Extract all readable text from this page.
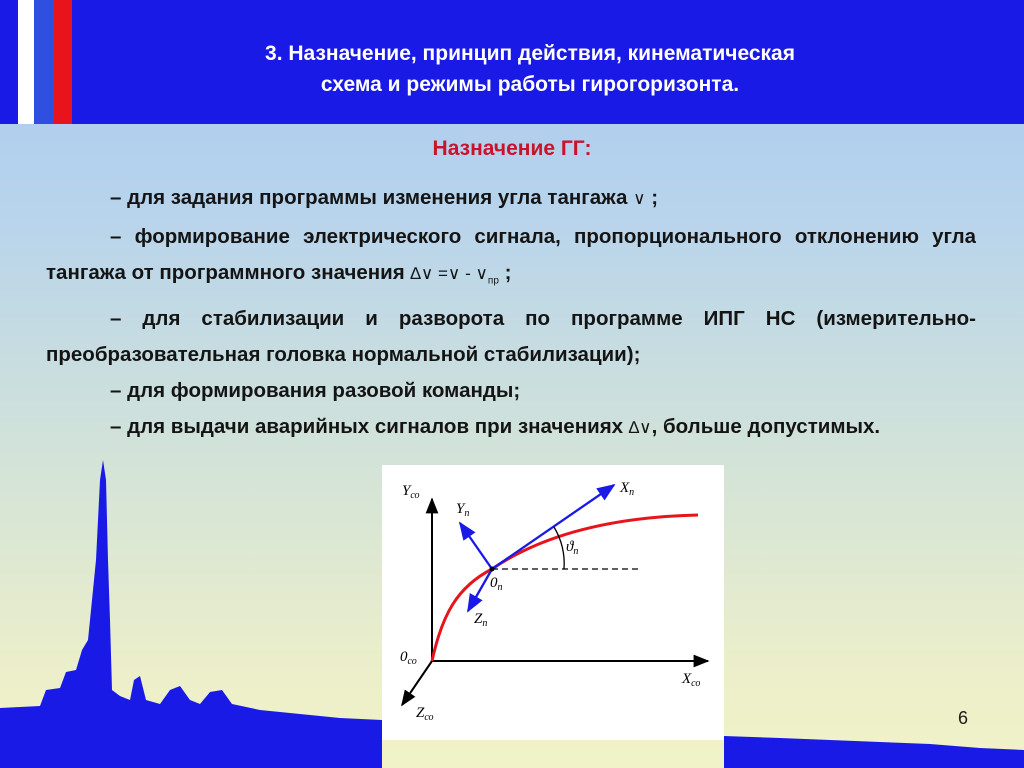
3. Назначение, принцип действия, кинематическая
схема и режимы работы гирогоризонта.
Назначение ГГ:
– для задания программы изменения угла тангажа ∨ ;
– формирование электрического сигнала, пропорционального отклонению угла тангажа от программного значения ∆∨ =∨ - $\vee_{пр}$ ;
– для стабилизации и разворота по программе ИПГ НС (измерительно-преобразовательная головка нормальной стабилизации);
– для формирования разовой команды;
– для выдачи аварийных сигналов при значениях ∆∨, больше допустимых.
$Y_{со}$
$X_{со}$
$Z_{со}$
$0_{со}$
$X_п$
$Y_п$
$Z_п$
$0_п$
$ϑ_п$
6
